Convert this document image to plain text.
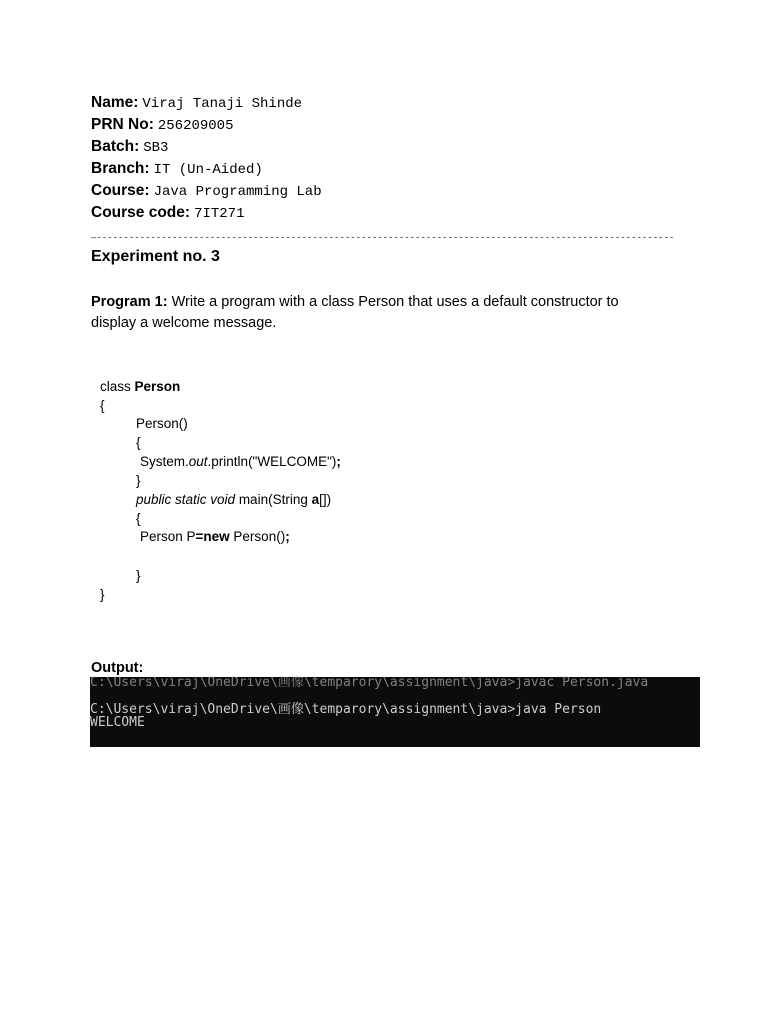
Name: Viraj Tanaji Shinde
PRN No: 256209005
Batch: SB3
Branch: IT (Un-Aided)
Course: Java Programming Lab
Course code: 7IT271
—-----------------------------------------------------------------------------------------------------------
Experiment no. 3
Program 1: Write a program with a class Person that uses a default constructor to display a welcome message.
class Person
{
Person()
{
System.out.println("WELCOME");
}
public static void main(String a[])
{
Person P=new Person();
}
}
Output:
C:\Users\viraj\OneDrive\画像\temparory\assignment\java>javac Person.java
C:\Users\viraj\OneDrive\画像\temparory\assignment\java>java Person
WELCOME
